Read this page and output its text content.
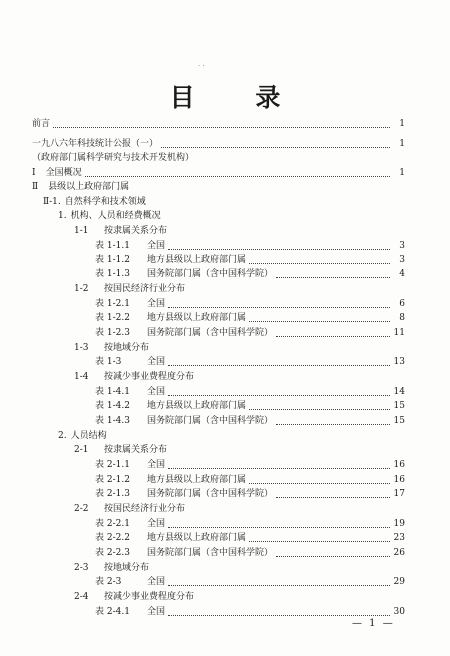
· ·
目 录
前言	1
一九八六年科技统计公报（一）	1
（政府部门属科学研究与技术开发机构）
Ⅰ 全国概况	1
Ⅱ 县级以上政府部门属
Ⅱ-1. 自然科学和技术领域
1. 机构、人员和经费概况
1-1	按隶属关系分布
表 1-1.1	全国	3
表 1-1.2	地方县级以上政府部门属	3
表 1-1.3	国务院部门属（含中国科学院）	4
1-2	按国民经济行业分布
表 1-2.1	全国	6
表 1-2.2	地方县级以上政府部门属	8
表 1-2.3	国务院部门属（含中国科学院）	11
1-3	按地域分布
表 1-3	全国	13
1-4	按减少事业费程度分布
表 1-4.1	全国	14
表 1-4.2	地方县级以上政府部门属	15
表 1-4.3	国务院部门属（含中国科学院）	15
2. 人员结构
2-1	按隶属关系分布
表 2-1.1	全国	16
表 2-1.2	地方县级以上政府部门属	16
表 2-1.3	国务院部门属（含中国科学院）	17
2-2	按国民经济行业分布
表 2-2.1	全国	19
表 2-2.2	地方县级以上政府部门属	23
表 2-2.3	国务院部门属（含中国科学院）	26
2-3	按地域分布
表 2-3	全国	29
2-4	按减少事业费程度分布
表 2-4.1	全国	30
— 1 —
